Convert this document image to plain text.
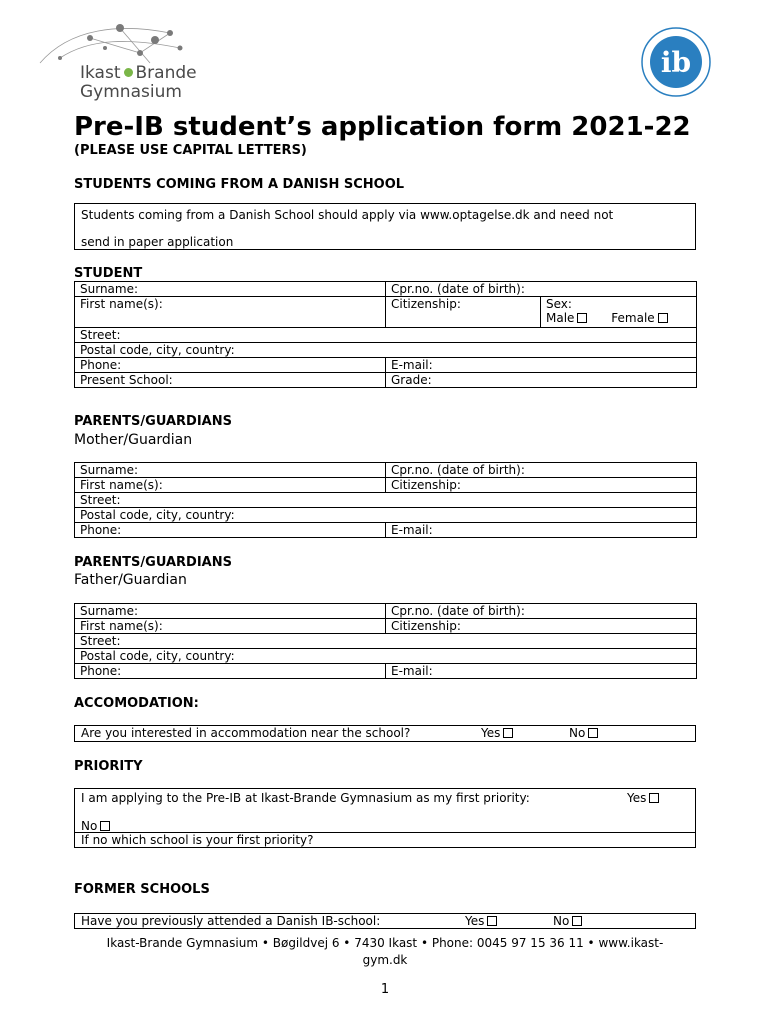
Ikast Brande
Gymnasium
ib
Pre-IB student’s application form 2021-22
(PLEASE USE CAPITAL LETTERS)
STUDENTS COMING FROM A DANISH SCHOOL
Students coming from a Danish School should apply via www.optagelse.dk and need not
send in paper application
STUDENT
Surname:	Cpr.no. (date of birth):	
First name(s):	Citizenship:	Sex:
Male Female

Street:		
Postal code, city, country:		
Phone:	E-mail:	
Present School:	Grade:	
PARENTS/GUARDIANS
Mother/Guardian
Surname:	Cpr.no. (date of birth):
First name(s):	Citizenship:
Street:	
Postal code, city, country:	
Phone:	E-mail:
PARENTS/GUARDIANS
Father/Guardian
Surname:	Cpr.no. (date of birth):
First name(s):	Citizenship:
Street:	
Postal code, city, country:	
Phone:	E-mail:
ACCOMODATION:
Are you interested in accommodation near the school?	Yes	No
PRIORITY
I am applying to the Pre-IB at Ikast-Brande Gymnasium as my first priority:	Yes
No
If no which school is your first priority?
FORMER SCHOOLS
Have you previously attended a Danish IB-school:	Yes	No
Ikast-Brande Gymnasium • Bøgildvej 6 • 7430 Ikast • Phone: 0045 97 15 36 11 • www.ikast-
gym.dk
1
